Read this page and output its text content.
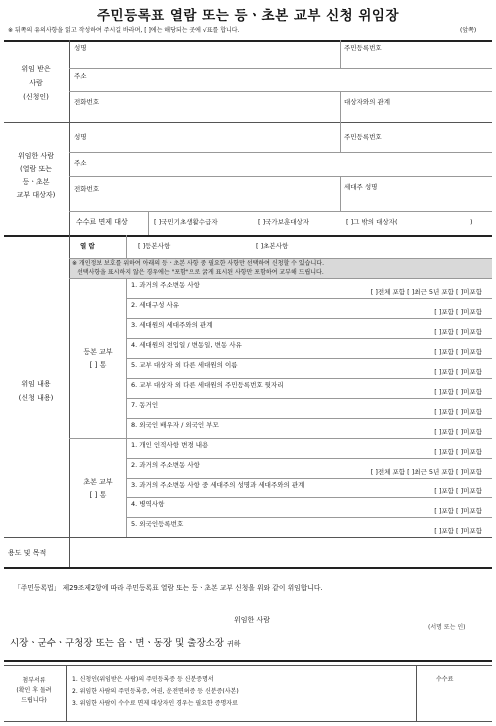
주민등록표 열람 또는 등ㆍ초본 교부 신청 위임장
※ 뒤쪽의 유의사항을 읽고 작성하여 주시길 바라며, [ ]에는 해당되는 곳에 √표를 합니다.	(앞쪽)
위임 받은
사람
(신청인)
성명	주민등록번호
주소
전화번호	대상자와의 관계
위임한 사람
(열람 또는
등ㆍ초본
교부 대상자)
성명	주민등록번호
주소
전화번호	세대주 성명
수수료 면제 대상	[ ]국민기초생활수급자	[ ]국가보훈대상자	[ ]그 밖의 대상자(	)
위임 내용
(신청 내용)
열 람	[ ]등본사항	[ ]초본사항
※ 개인정보 보호를 위하여 아래의 등ㆍ초본 사항 중 필요한 사항만 선택하여 신청할 수 있습니다.
선택사항을 표시하지 않은 경우에는 "포함"으로 굵게 표시된 사항만 포함하여 교부해 드립니다.
등본 교부
[ ] 통
1. 과거의 주소변동 사항
[ ]전체 포함 [ ]최근 5년 포함 [ ]미포함
2. 세대구성 사유
[ ]포함 [ ]미포함
3. 세대원의 세대주와의 관계
[ ]포함 [ ]미포함
4. 세대원의 전입일 / 변동일, 변동 사유
[ ]포함 [ ]미포함
5. 교부 대상자 외 다른 세대원의 이름
[ ]포함 [ ]미포함
6. 교부 대상자 외 다른 세대원의 주민등록번호 뒷자리
[ ]포함 [ ]미포함
7. 동거인
[ ]포함 [ ]미포함
8. 외국인 배우자 / 외국인 부모
[ ]포함 [ ]미포함
초본 교부
[ ] 통
1. 개인 인적사항 변경 내용
[ ]포함 [ ]미포함
2. 과거의 주소변동 사항
[ ]전체 포함 [ ]최근 5년 포함 [ ]미포함
3. 과거의 주소변동 사항 중 세대주의 성명과 세대주와의 관계
[ ]포함 [ ]미포함
4. 병역사항
[ ]포함 [ ]미포함
5. 외국인등록번호
[ ]포함 [ ]미포함
용도 및 목적
「주민등록법」 제29조제2항에 따라 주민등록표 열람 또는 등ㆍ초본 교부 신청을 위와 같이 위임합니다.
위임한 사람
(서명 또는 인)
시장ㆍ군수ㆍ구청장 또는 읍ㆍ면ㆍ동장 및 출장소장 귀하
첨부서류
(확인 후 돌려
드립니다)
1. 신청인(위임받은 사람)의 주민등록증 등 신분증명서
2. 위임한 사람의 주민등록증, 여권, 운전면허증 등 신분증(사본)
3. 위임한 사람이 수수료 면제 대상자인 경우는 필요한 증명자료
수수료
